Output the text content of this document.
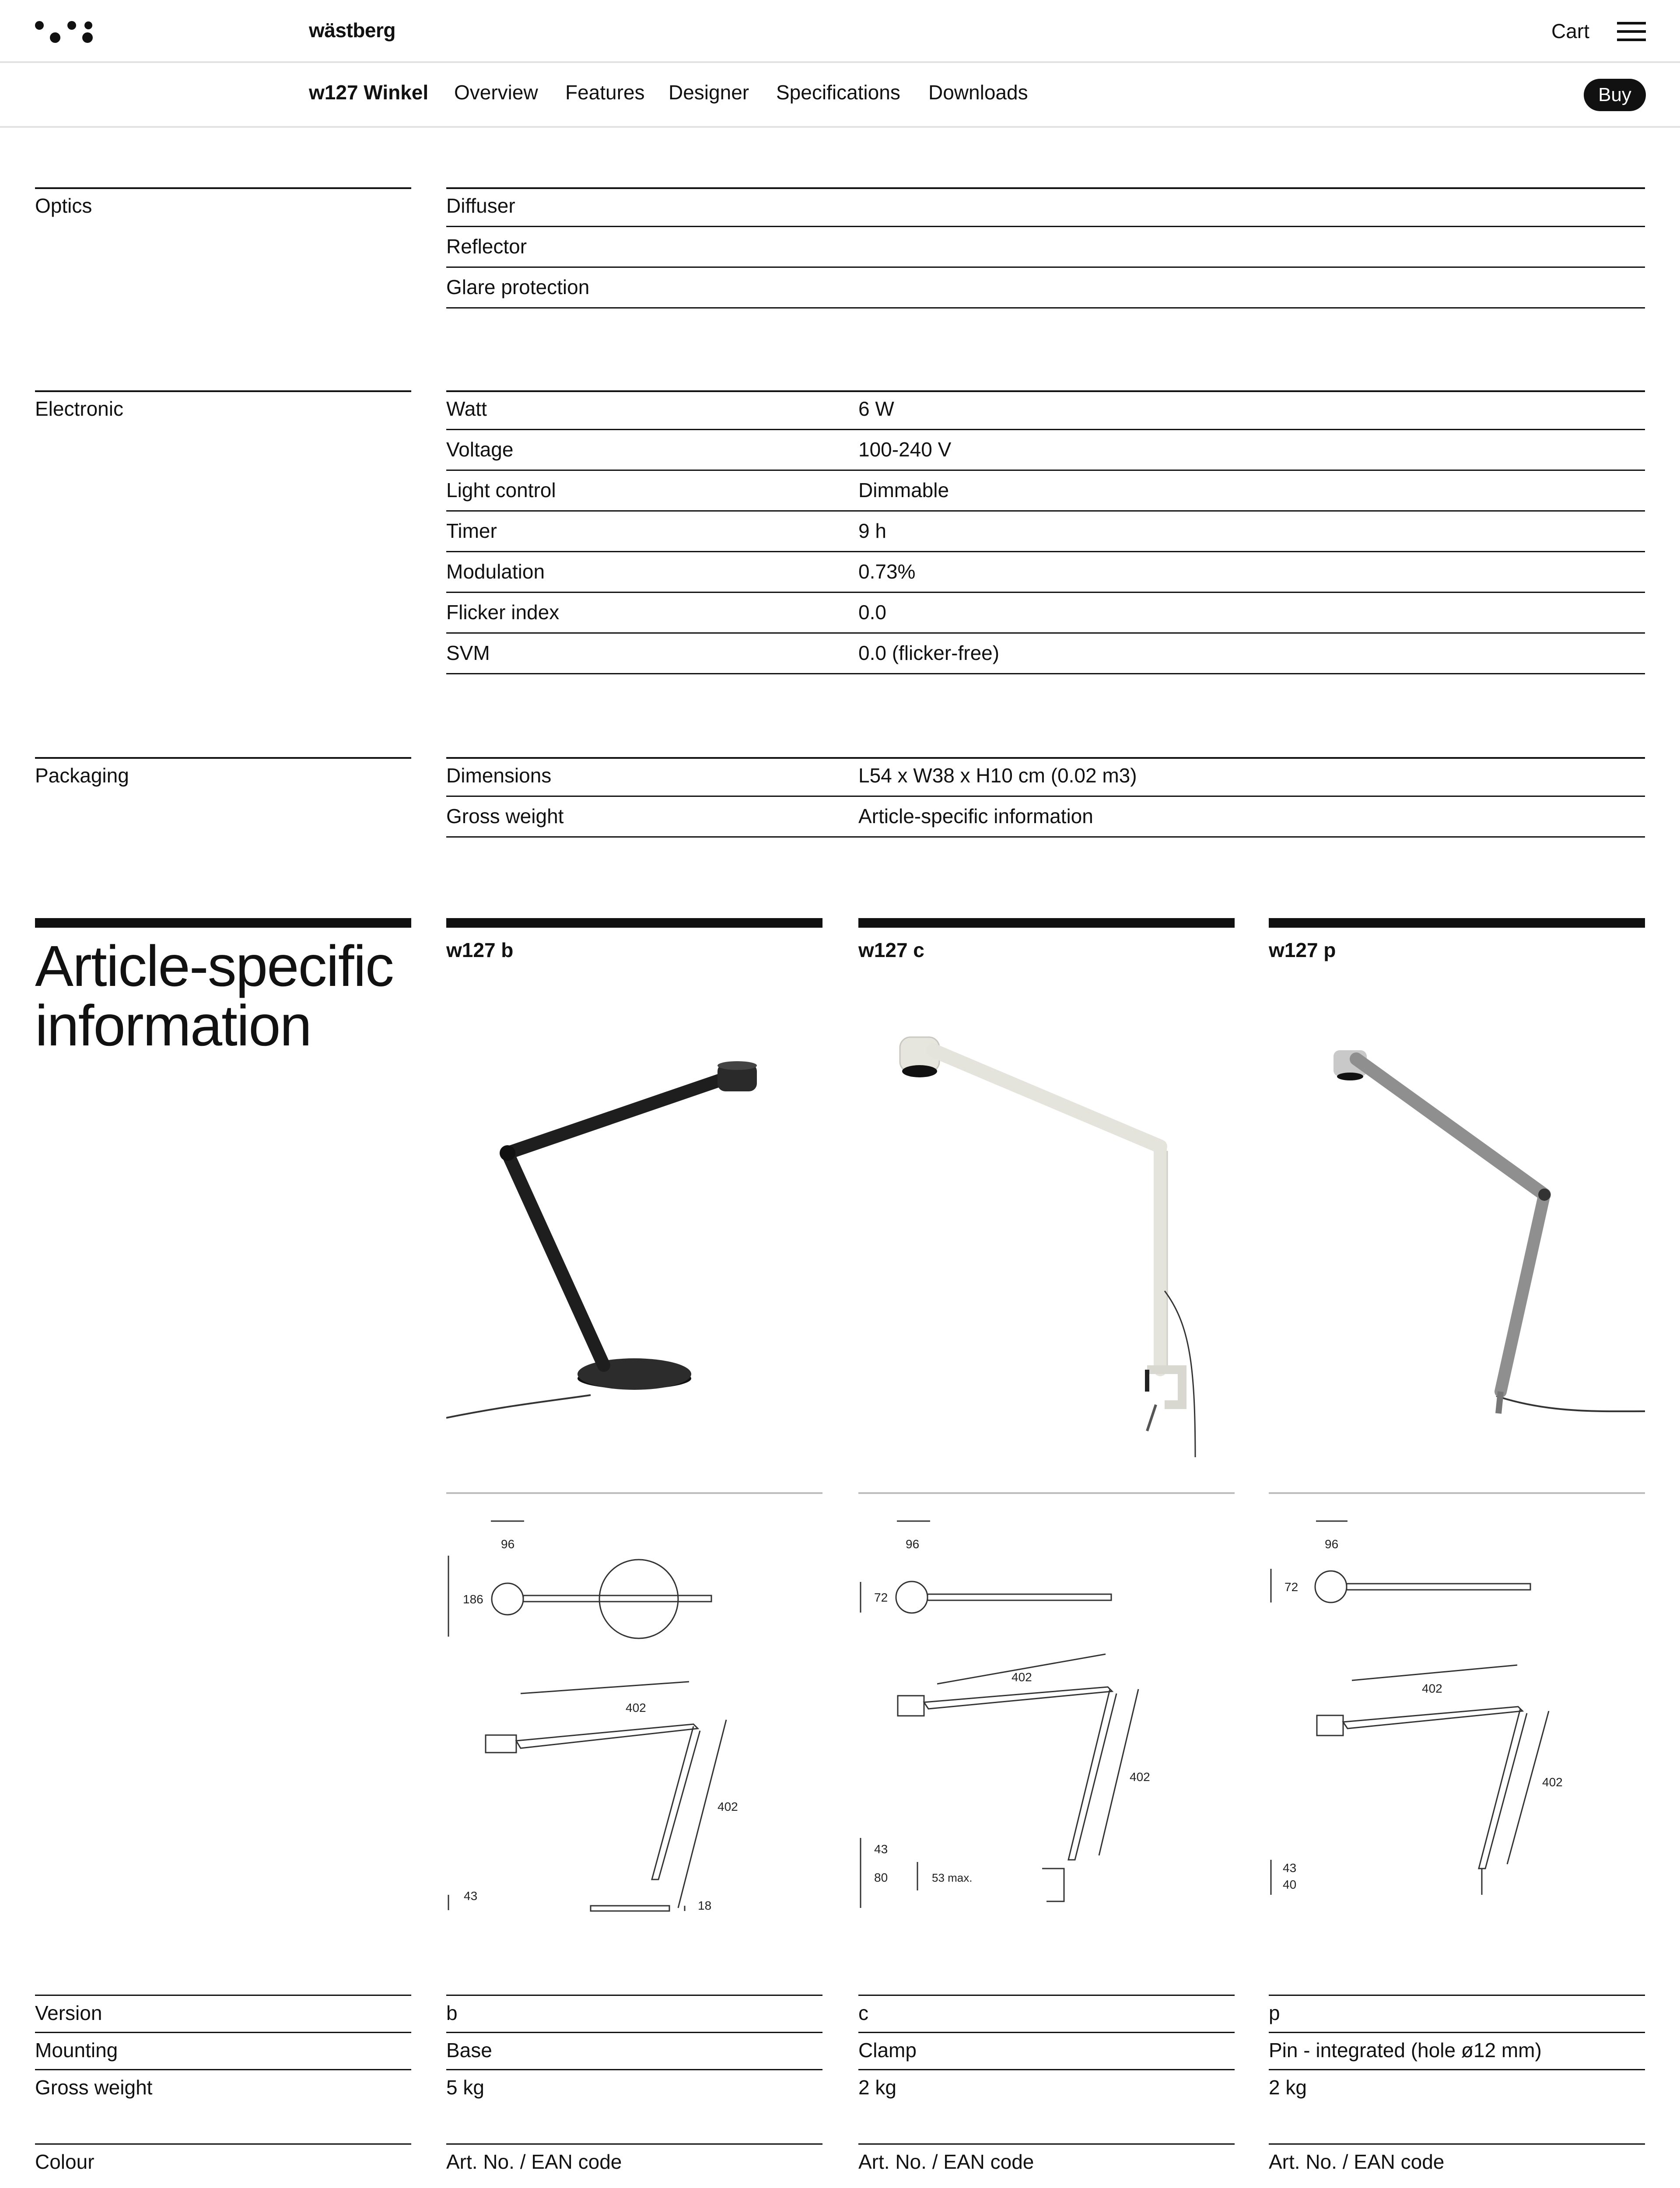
wästberg	Cart
w127 Winkel Overview Features Designer Specifications Downloads	Buy
Optics	Diffuser
Reflector
Glare protection
Electronic	Watt	6 W
Voltage	100-240 V
Light control	Dimmable
Timer	9 h
Modulation	0.73%
Flicker index	0.0
SVM	0.0 (flicker-free)
Packaging	Dimensions	L54 x W38 x H10 cm (0.02 m3)
Gross weight	Article-specific information
Article-specific
information
w127 b	w127 c	w127 p
96
186
402
402
43
18
96
72
402
402
43
80	53 max.
96
72
402
402
43
40
Version	b	c	p
Mounting	Base	Clamp	Pin - integrated (hole ø12 mm)
Gross weight	5 kg	2 kg	2 kg
Colour	Art. No. / EAN code	Art. No. / EAN code	Art. No. / EAN code
